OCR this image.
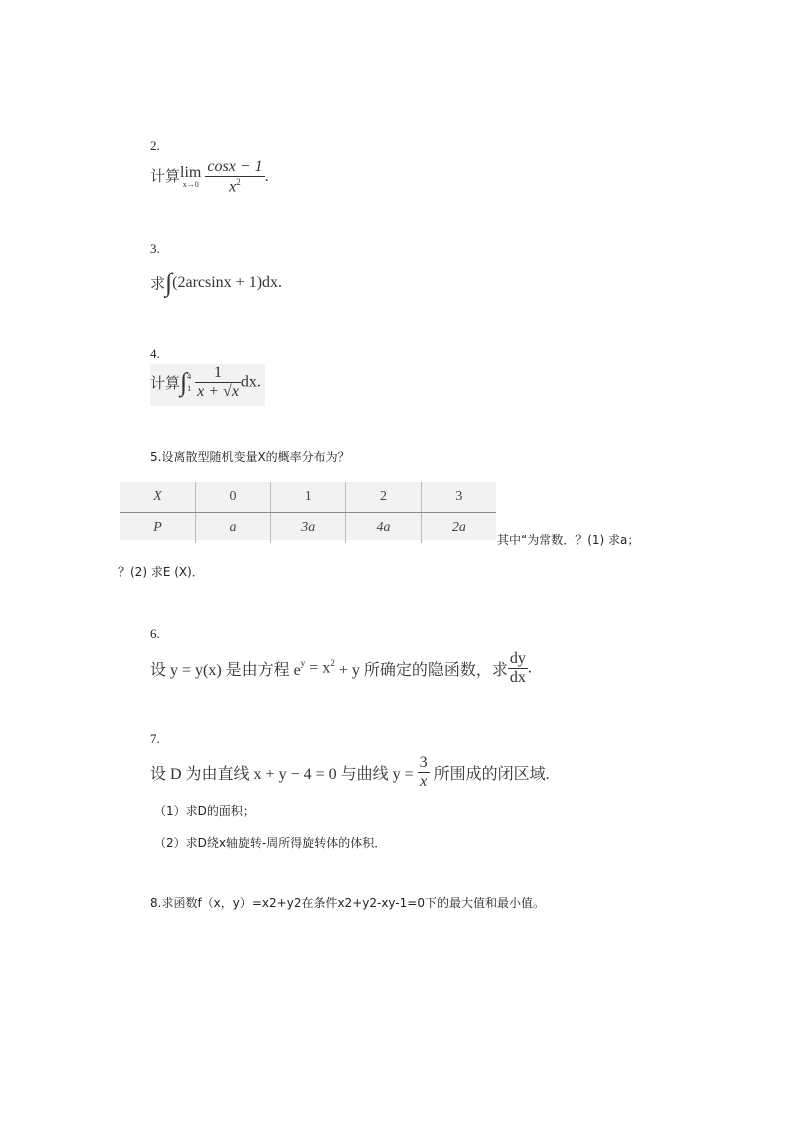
2.
计算 lim
x→0
$\frac{\cos x - 1}{x^2}$ .
3.
求∫(2arcsinx + 1)dx.
4.
计算∫ 4
1
$\frac{1}{x + √x}$ dx.
5.设离散型随机变量X的概率分布为？
X	0	1	2	3
P	a	3a	4a	2a
其中“为常数．？(1) 求a；
？(2) 求E (X)．
6.
设 y = y(x) 是由方程 $e^y = x^2 + y$ 所确定的隐函数，求 $\frac{dy}{dx}$ .
7.
设 D 为由直线 x + y − 4 = 0 与曲线 $y = \frac{3}{x}$ 所围成的闭区域.
（1）求D的面积；
（2）求D绕x轴旋转-周所得旋转体的体积．
8.求函数f（x，y）=x2+y2在条件x2+y2-xy-1=0下的最大值和最小值。
